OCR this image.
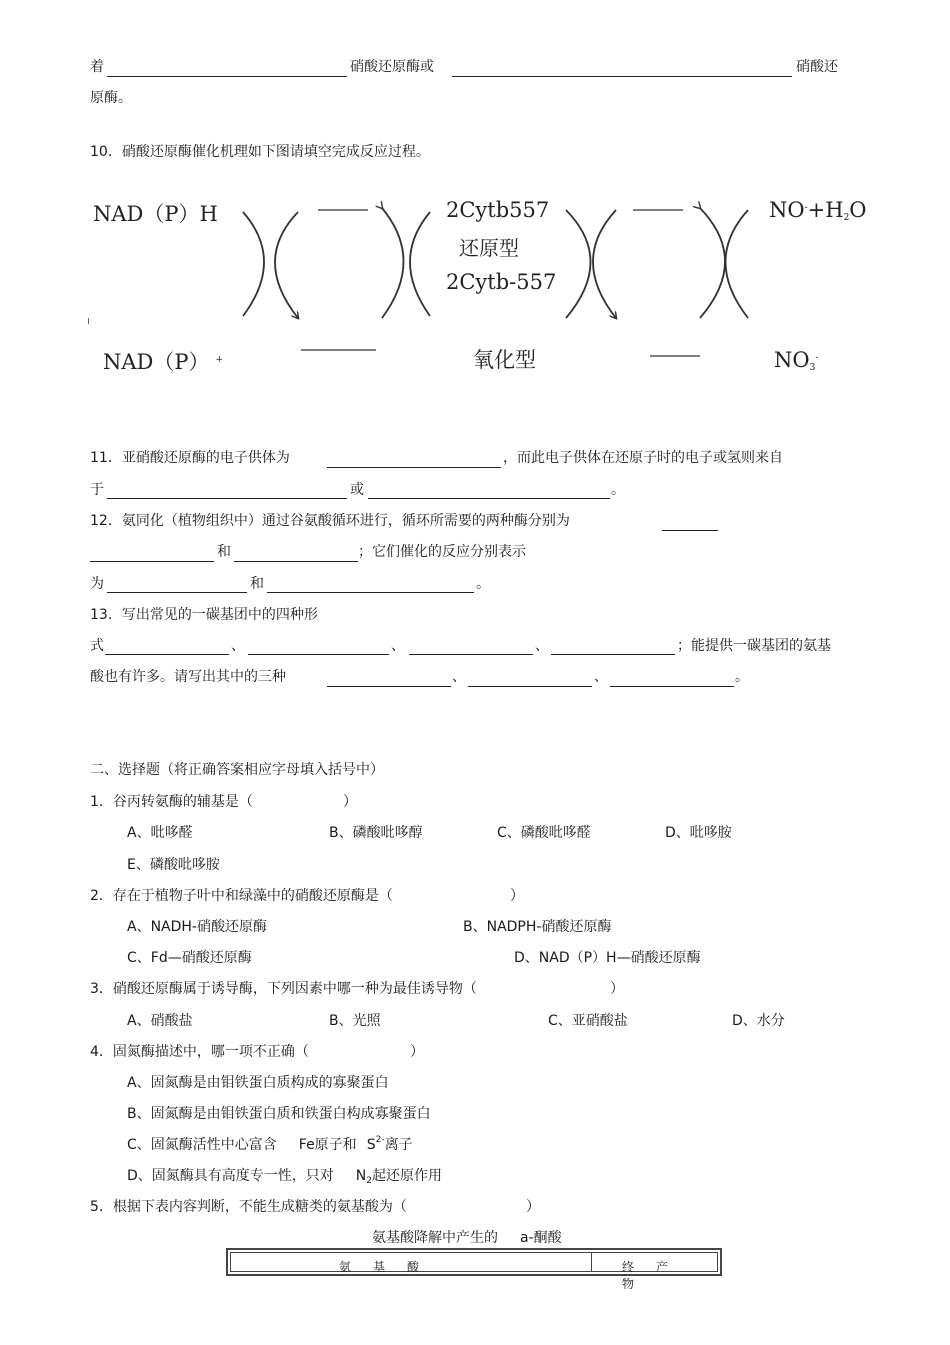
着	硝酸还原酶或	硝酸还
原酶。
10．硝酸还原酶催化机理如下图请填空完成反应过程。
NAD（P）H	2Cytb557
还原型
2Cytb-557
NO-+H2O
NAD（P） +	氧化型	NO3-
11．亚硝酸还原酶的电子供体为	，而此电子供体在还原子时的电子或氢则来自
于	或	。
12．氨同化（植物组织中）通过谷氨酸循环进行，循环所需要的两种酶分别为
和	；它们催化的反应分别表示
为	和	。
13．写出常见的一碳基团中的四种形
式	、	、	、	；能提供一碳基团的氨基
酸也有许多。请写出其中的三种	、	、	。
二、选择题（将正确答案相应字母填入括号中）
1．谷丙转氨酶的辅基是（	）
A、吡哆醛	B、磷酸吡哆醇	C、磷酸吡哆醛	D、吡哆胺
E、磷酸吡哆胺
2．存在于植物子叶中和绿藻中的硝酸还原酶是（	）
A、NADH-硝酸还原酶	B、NADPH-硝酸还原酶
C、Fd—硝酸还原酶	D、NAD（P）H—硝酸还原酶
3．硝酸还原酶属于诱导酶，下列因素中哪一种为最佳诱导物（	）
A、硝酸盐	B、光照	C、亚硝酸盐	D、水分
4．固氮酶描述中，哪一项不正确（	）
A、固氮酶是由钼铁蛋白质构成的寡聚蛋白
B、固氮酶是由钼铁蛋白质和铁蛋白构成寡聚蛋白
C、固氮酶活性中心富含 Fe原子和 $S^{2-}$离子
D、固氮酶具有高度专一性，只对 $N_2$起还原作用
5．根据下表内容判断，不能生成糖类的氨基酸为（	）
氨基酸降解中产生的 a-酮酸
氨基酸	终产物
